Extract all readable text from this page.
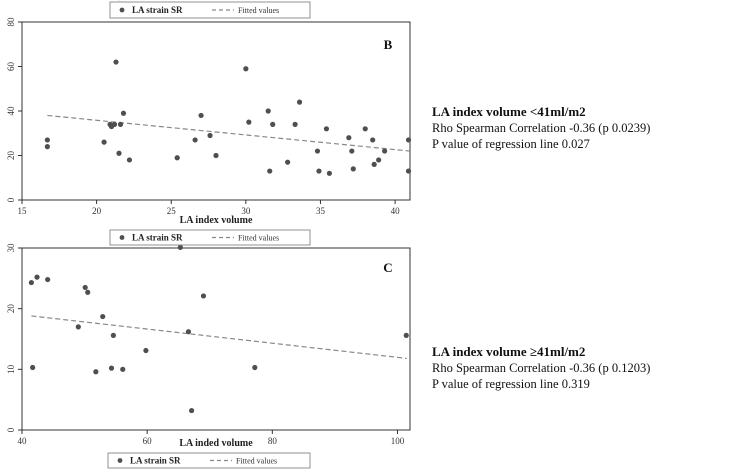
15	20	25	30	35	40
0
20
40
60
80
LA index volume
B
LA strain SR	Fitted values
40	60	80	100
0
10
20
30
LA inded volume
C
LA strain SR	Fitted values
LA strain SR	Fitted values
LA index volume <41ml/m2
Rho Spearman Correlation -0.36 (p 0.0239)
P value of regression line 0.027
LA index volume ≥41ml/m2
Rho Spearman Correlation -0.36 (p 0.1203)
P value of regression line 0.319
